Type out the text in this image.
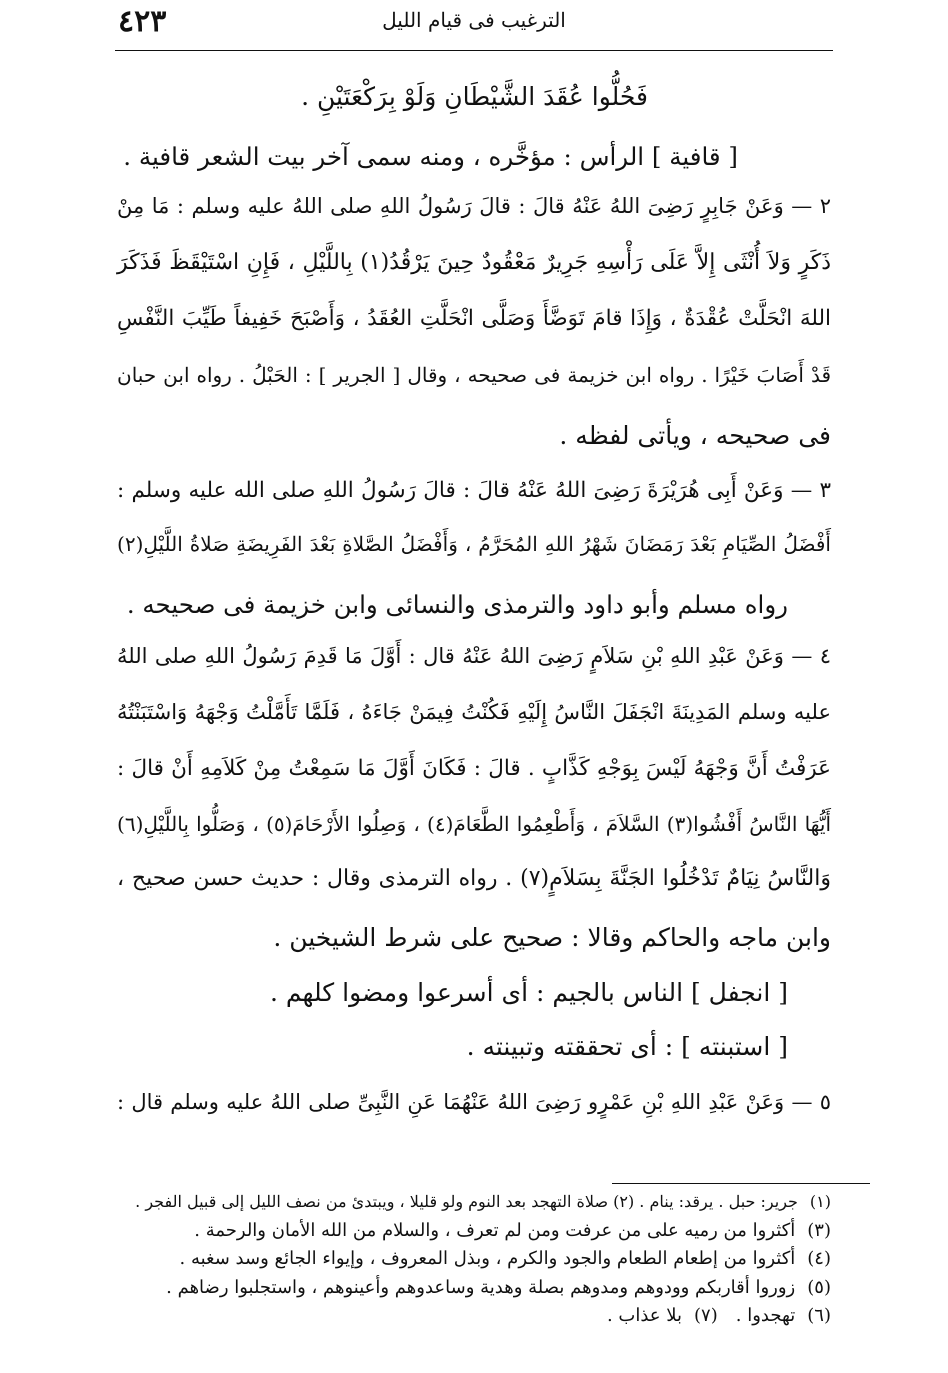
الترغيب فى قيام الليل
٤٢٣
فَحُلُّوا عُقَدَ الشَّيْطَانِ وَلَوْ بِرَكْعَتَيْنِ .
[ قافية ] الرأس : مؤخَّره ، ومنه سمى آخر بيت الشعر قافية .
٢ — وَعَنْ جَابِرٍ رَضِىَ اللهُ عَنْهُ قالَ : قالَ رَسُولُ اللهِ صلى اللهُ عليه وسلم : مَا مِنْ
ذَكَرٍ وَلاَ أُنْثَى إِلاَّ عَلَى رَأْسِهِ جَرِيرٌ مَعْقُودٌ حِينَ يَرْقُدُ(١) بِاللَّيْلِ ، فَإِنِ اسْتَيْقَظَ فَذَكَرَ
اللهَ انْحَلَّتْ عُقْدَةٌ ، وَإِذَا قامَ تَوَضَّأَ وَصَلَّى انْحَلَّتِ العُقَدُ ، وَأَصْبَحَ خَفِيفاً طَيِّبَ النَّفْسِ
قَدْ أَصَابَ خَيْرًا . رواه ابن خزيمة فى صحيحه ، وقال [ الجرير ] : الحَبْلُ . رواه ابن حبان
فى صحيحه ، ويأتى لفظه .
٣ — وَعَنْ أَبِى هُرَيْرَةَ رَضِىَ اللهُ عَنْهُ قالَ : قالَ رَسُولُ اللهِ صلى الله عليه وسلم :
أَفْضَلُ الصِّيَامِ بَعْدَ رَمَضَانَ شَهْرُ اللهِ المُحَرَّمُ ، وَأَفْضَلُ الصَّلاةِ بَعْدَ الفَرِيضَةِ صَلاةُ اللَّيْلِ(٢)
رواه مسلم وأبو داود والترمذى والنسائى وابن خزيمة فى صحيحه .
٤ — وَعَنْ عَبْدِ اللهِ بْنِ سَلاَمٍ رَضِىَ اللهُ عَنْهُ قال : أَوَّلَ مَا قَدِمَ رَسُولُ اللهِ صلى اللهُ
عليه وسلم المَدِينَةَ انْجَفَلَ النَّاسُ إِلَيْهِ فَكُنْتُ فِيمَنْ جَاءَهُ ، فَلَمَّا تَأَمَّلْتُ وَجْهَهُ وَاسْتَبَنْتُهُ
عَرَفْتُ أَنَّ وَجْهَهُ لَيْسَ بِوَجْهِ كَذَّابٍ . قالَ : فَكَانَ أَوَّلَ مَا سَمِعْتُ مِنْ كَلاَمِهِ أَنْ قالَ :
أَيُّهَا النَّاسُ أَفْشُوا(٣) السَّلاَمَ ، وَأَطْعِمُوا الطَّعَامَ(٤) ، وَصِلُوا الأَرْحَامَ(٥) ، وَصَلُّوا بِاللَّيْلِ(٦)
وَالنَّاسُ نِيَامٌ تَدْخُلُوا الجَنَّةَ بِسَلاَمٍ(٧) . رواه الترمذى وقال : حديث حسن صحيح ،
وابن ماجه والحاكم وقالا : صحيح على شرط الشيخين .
[ انجفل ] الناس بالجيم : أى أسرعوا ومضوا كلهم .
[ استبنته ] : أى تحققته وتبينته .
٥ — وَعَنْ عَبْدِ اللهِ بْنِ عَمْرٍو رَضِىَ اللهُ عَنْهُمَا عَنِ النَّبِىِّ صلى اللهُ عليه وسلم قال :
(١)جرير: حبل . يرقد: ينام . (٢) صلاة التهجد بعد النوم ولو قليلا ، ويبتدئ من نصف الليل إلى قبيل الفجر .
(٣)أكثروا من رميه على من عرفت ومن لم تعرف ، والسلام من الله الأمان والرحمة .
(٤)أكثروا من إطعام الطعام والجود والكرم ، وبذل المعروف ، وإيواء الجائع وسد سغبه .
(٥)زوروا أقاربكم وودوهم ومدوهم بصلة وهدية وساعدوهم وأعينوهم ، واستجلبوا رضاهم .
(٦)تهجدوا .(٧)بلا عذاب .
